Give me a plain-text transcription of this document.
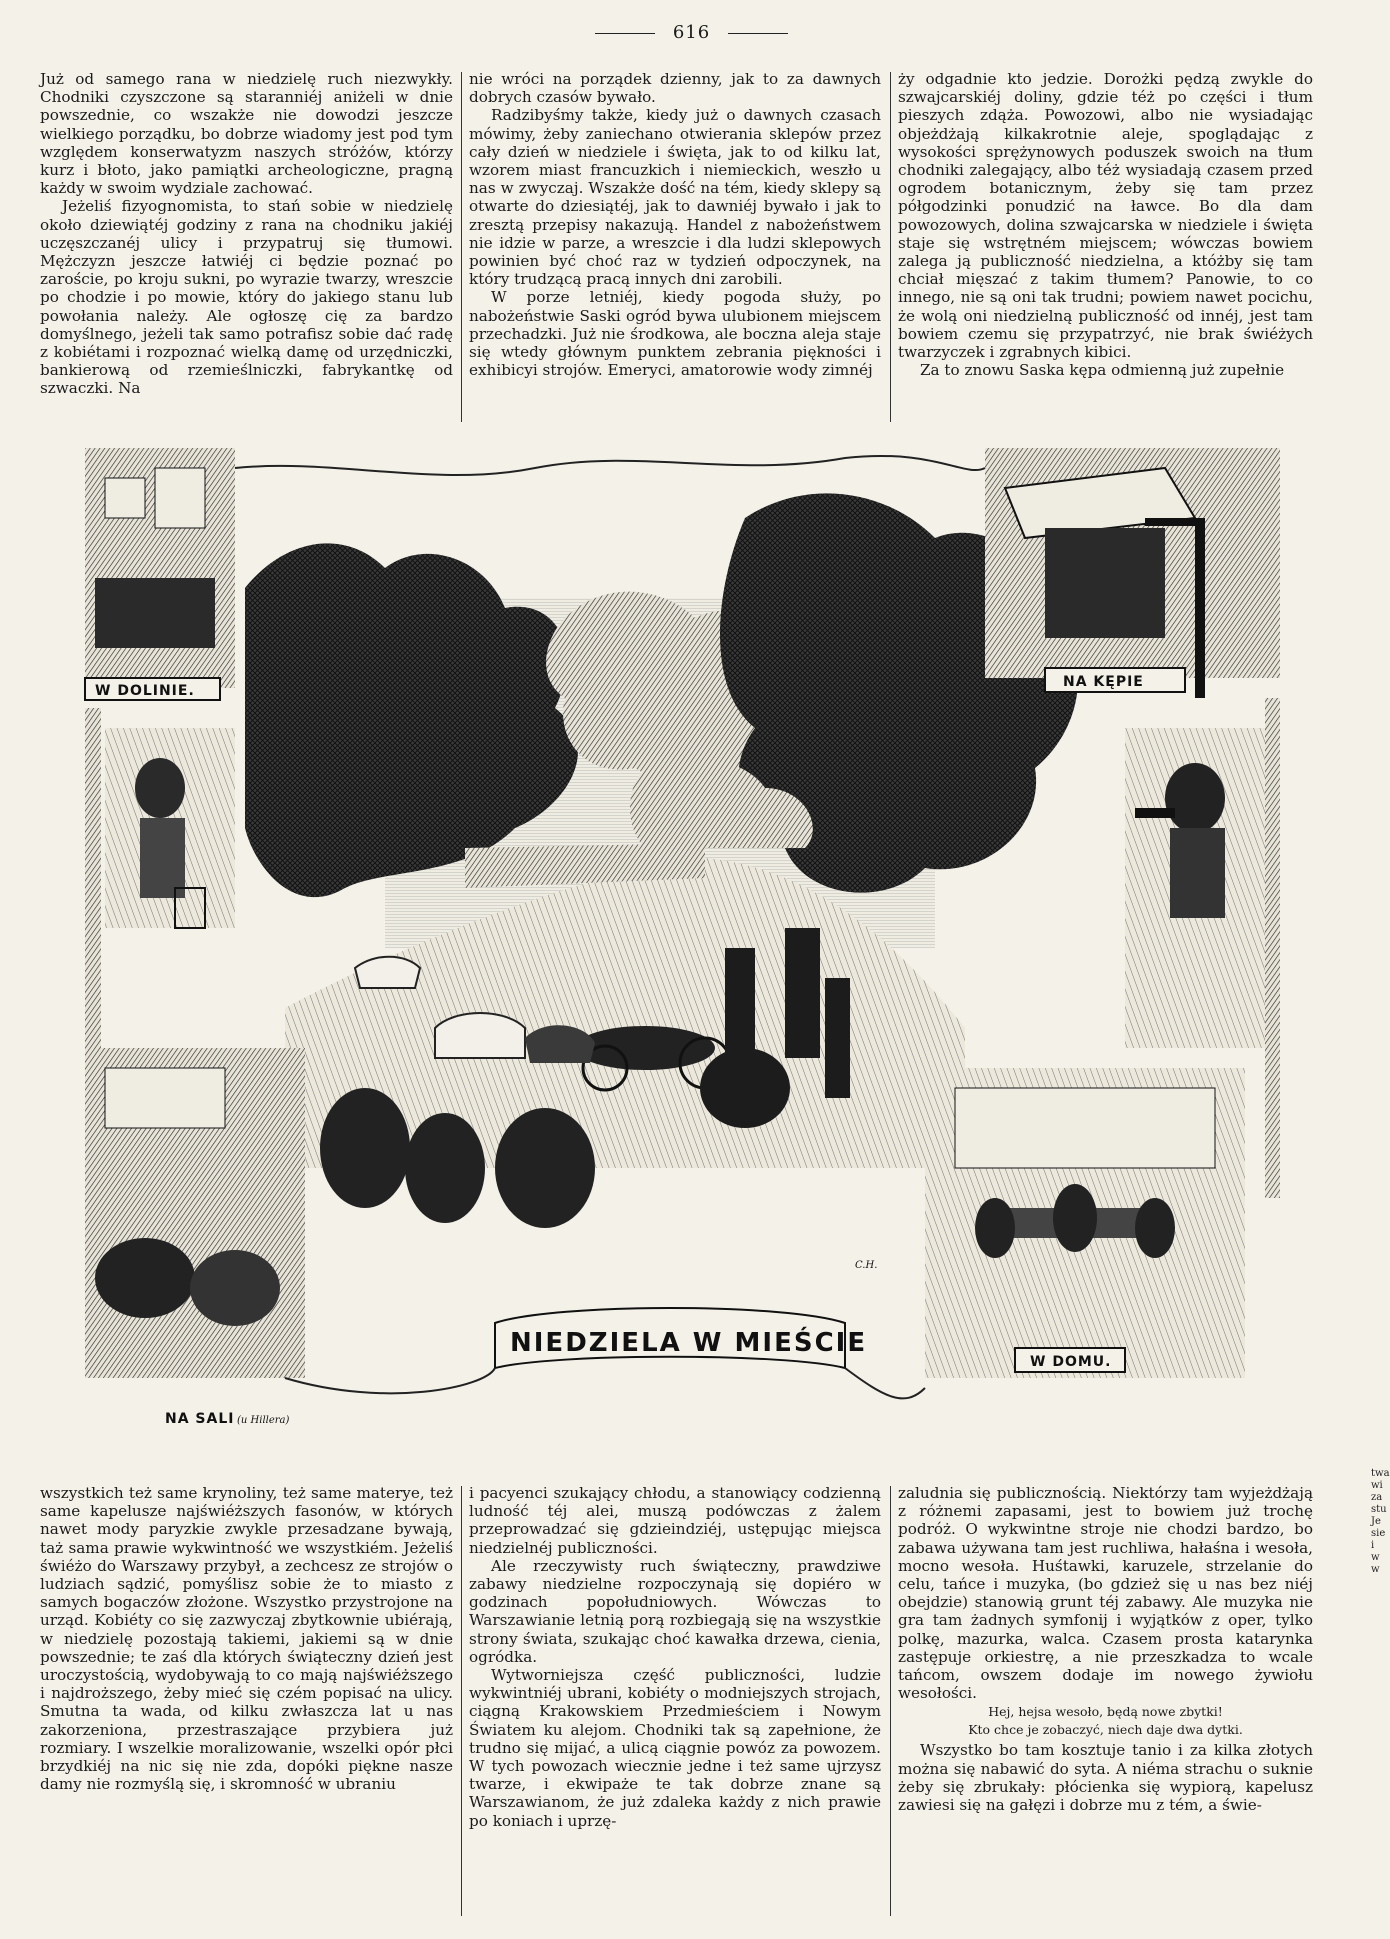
616

Już od samego rana w niedzielę ruch niezwykły. Chodniki czyszczone są staranniéj aniżeli w dnie powszednie, co wszakże nie dowodzi jeszcze wielkiego porządku, bo dobrze wiadomy jest pod tym względem konserwatyzm naszych stróżów, którzy kurz i błoto, jako pamiątki archeologiczne, pragną każdy w swoim wydziale zachować.

Jeżeliś fizyognomista, to stań sobie w niedzielę około dziewiątéj godziny z rana na chodniku jakiéj uczęszczanéj ulicy i przypatruj się tłumowi. Mężczyzn jeszcze łatwiéj ci będzie poznać po zaroście, po kroju sukni, po wyrazie twarzy, wreszcie po chodzie i po mowie, który do jakiego stanu lub powołania należy. Ale ogłoszę cię za bardzo domyślnego, jeżeli tak samo potrafisz sobie dać radę z kobiétami i rozpoznać wielką damę od urzędniczki, bankierową od rzemieślniczki, fabrykantkę od szwaczki. Na

nie wróci na porządek dzienny, jak to za dawnych dobrych czasów bywało.

Radzibyśmy także, kiedy już o dawnych czasach mówimy, żeby zaniechano otwierania sklepów przez cały dzień w niedziele i święta, jak to od kilku lat, wzorem miast francuzkich i niemieckich, weszło u nas w zwyczaj. Wszakże dość na tém, kiedy sklepy są otwarte do dziesiątéj, jak to dawniéj bywało i jak to zresztą przepisy nakazują. Handel z nabożeństwem nie idzie w parze, a wreszcie i dla ludzi sklepowych powinien być choć raz w tydzień odpoczynek, na który trudzącą pracą innych dni zarobili.

W porze letniéj, kiedy pogoda służy, po nabożeństwie Saski ogród bywa ulubionem miejscem przechadzki. Już nie środkowa, ale boczna aleja staje się wtedy głównym punktem zebrania piękności i exhibicyi strojów. Emeryci, amatorowie wody zimnéj

ży odgadnie kto jedzie. Dorożki pędzą zwykle do szwajcarskiéj doliny, gdzie téż po części i tłum pieszych zdąża. Powozowi, albo nie wysiadając objeżdżają kilkakrotnie aleje, spoglądając z wysokości sprężynowych poduszek swoich na tłum chodniki zalegający, albo téż wysiadają czasem przed ogrodem botanicznym, żeby się tam przez półgodzinki ponudzić na ławce. Bo dla dam powozowych, dolina szwajcarska w niedziele i święta staje się wstrętném miejscem; wówczas bowiem zalega ją publiczność niedzielna, a któżby się tam chciał mięszać z takim tłumem? Panowie, to co innego, nie są oni tak trudni; powiem nawet pocichu, że wolą oni niedzielną publiczność od innéj, jest tam bowiem czemu się przypatrzyć, nie brak świéżych twarzyczek i zgrabnych kibici.

Za to znowu Saska kępa odmienną już zupełnie

W DOLINIE.
NA SALI (u Hillera)
NA KĘPIE
W DOMU.
C.H.
NIEDZIELA W MIEŚCIE

wszystkich też same krynoliny, też same materye, też same kapelusze najświéższych fasonów, w których nawet mody paryzkie zwykle przesadzane bywają, taż sama prawie wykwintność we wszystkiém. Jeżeliś świéżo do Warszawy przybył, a zechcesz ze strojów o ludziach sądzić, pomyślisz sobie że to miasto z samych bogaczów złożone. Wszystko przystrojone na urząd. Kobiéty co się zazwyczaj zbytkownie ubiérają, w niedzielę pozostają takiemi, jakiemi są w dnie powszednie; te zaś dla których świąteczny dzień jest uroczystością, wydobywają to co mają najświéższego i najdroższego, żeby mieć się czém popisać na ulicy. Smutna ta wada, od kilku zwłaszcza lat u nas zakorzeniona, przestraszające przybiera już rozmiary. I wszelkie moralizowanie, wszelki opór płci brzydkiéj na nic się nie zda, dopóki piękne nasze damy nie rozmyślą się, i skromność w ubraniu

i pacyenci szukający chłodu, a stanowiący codzienną ludność téj alei, muszą podówczas z żalem przeprowadzać się gdzieindziéj, ustępując miejsca niedzielnéj publiczności.

Ale rzeczywisty ruch świąteczny, prawdziwe zabawy niedzielne rozpoczynają się dopiéro w godzinach popołudniowych. Wówczas to Warszawianie letnią porą rozbiegają się na wszystkie strony świata, szukając choć kawałka drzewa, cienia, ogródka.

Wytworniejsza część publiczności, ludzie wykwintniéj ubrani, kobiéty o modniejszych strojach, ciągną Krakowskiem Przedmieściem i Nowym Światem ku alejom. Chodniki tak są zapełnione, że trudno się mijać, a ulicą ciągnie powóz za powozem. W tych powozach wiecznie jedne i też same ujrzysz twarze, i ekwipaże te tak dobrze znane są Warszawianom, że już zdaleka każdy z nich prawie po koniach i uprzę-

zaludnia się publicznością. Niektórzy tam wyjeżdżają z różnemi zapasami, jest to bowiem już trochę podróż. O wykwintne stroje nie chodzi bardzo, bo zabawa używana tam jest ruchliwa, hałaśna i wesoła, mocno wesoła. Huśtawki, karuzele, strzelanie do celu, tańce i muzyka, (bo gdzież się u nas bez niéj obejdzie) stanowią grunt téj zabawy. Ale muzyka nie gra tam żadnych symfonij i wyjątków z oper, tylko polkę, mazurka, walca. Czasem prosta katarynka zastępuje orkiestrę, a nie przeszkadza to wcale tańcom, owszem dodaje im nowego żywiołu wesołości.

Hej, hejsa wesoło, będą nowe zbytki!

Kto chce je zobaczyć, niech daje dwa dytki.

Wszystko bo tam kosztuje tanio i za kilka złotych można się nabawić do syta. A niéma strachu o suknie żeby się zbrukały: płócienka się wypiorą, kapelusz zawiesi się na gałęzi i dobrze mu z tém, a świe-

twa wi za stu Je sie i w w
